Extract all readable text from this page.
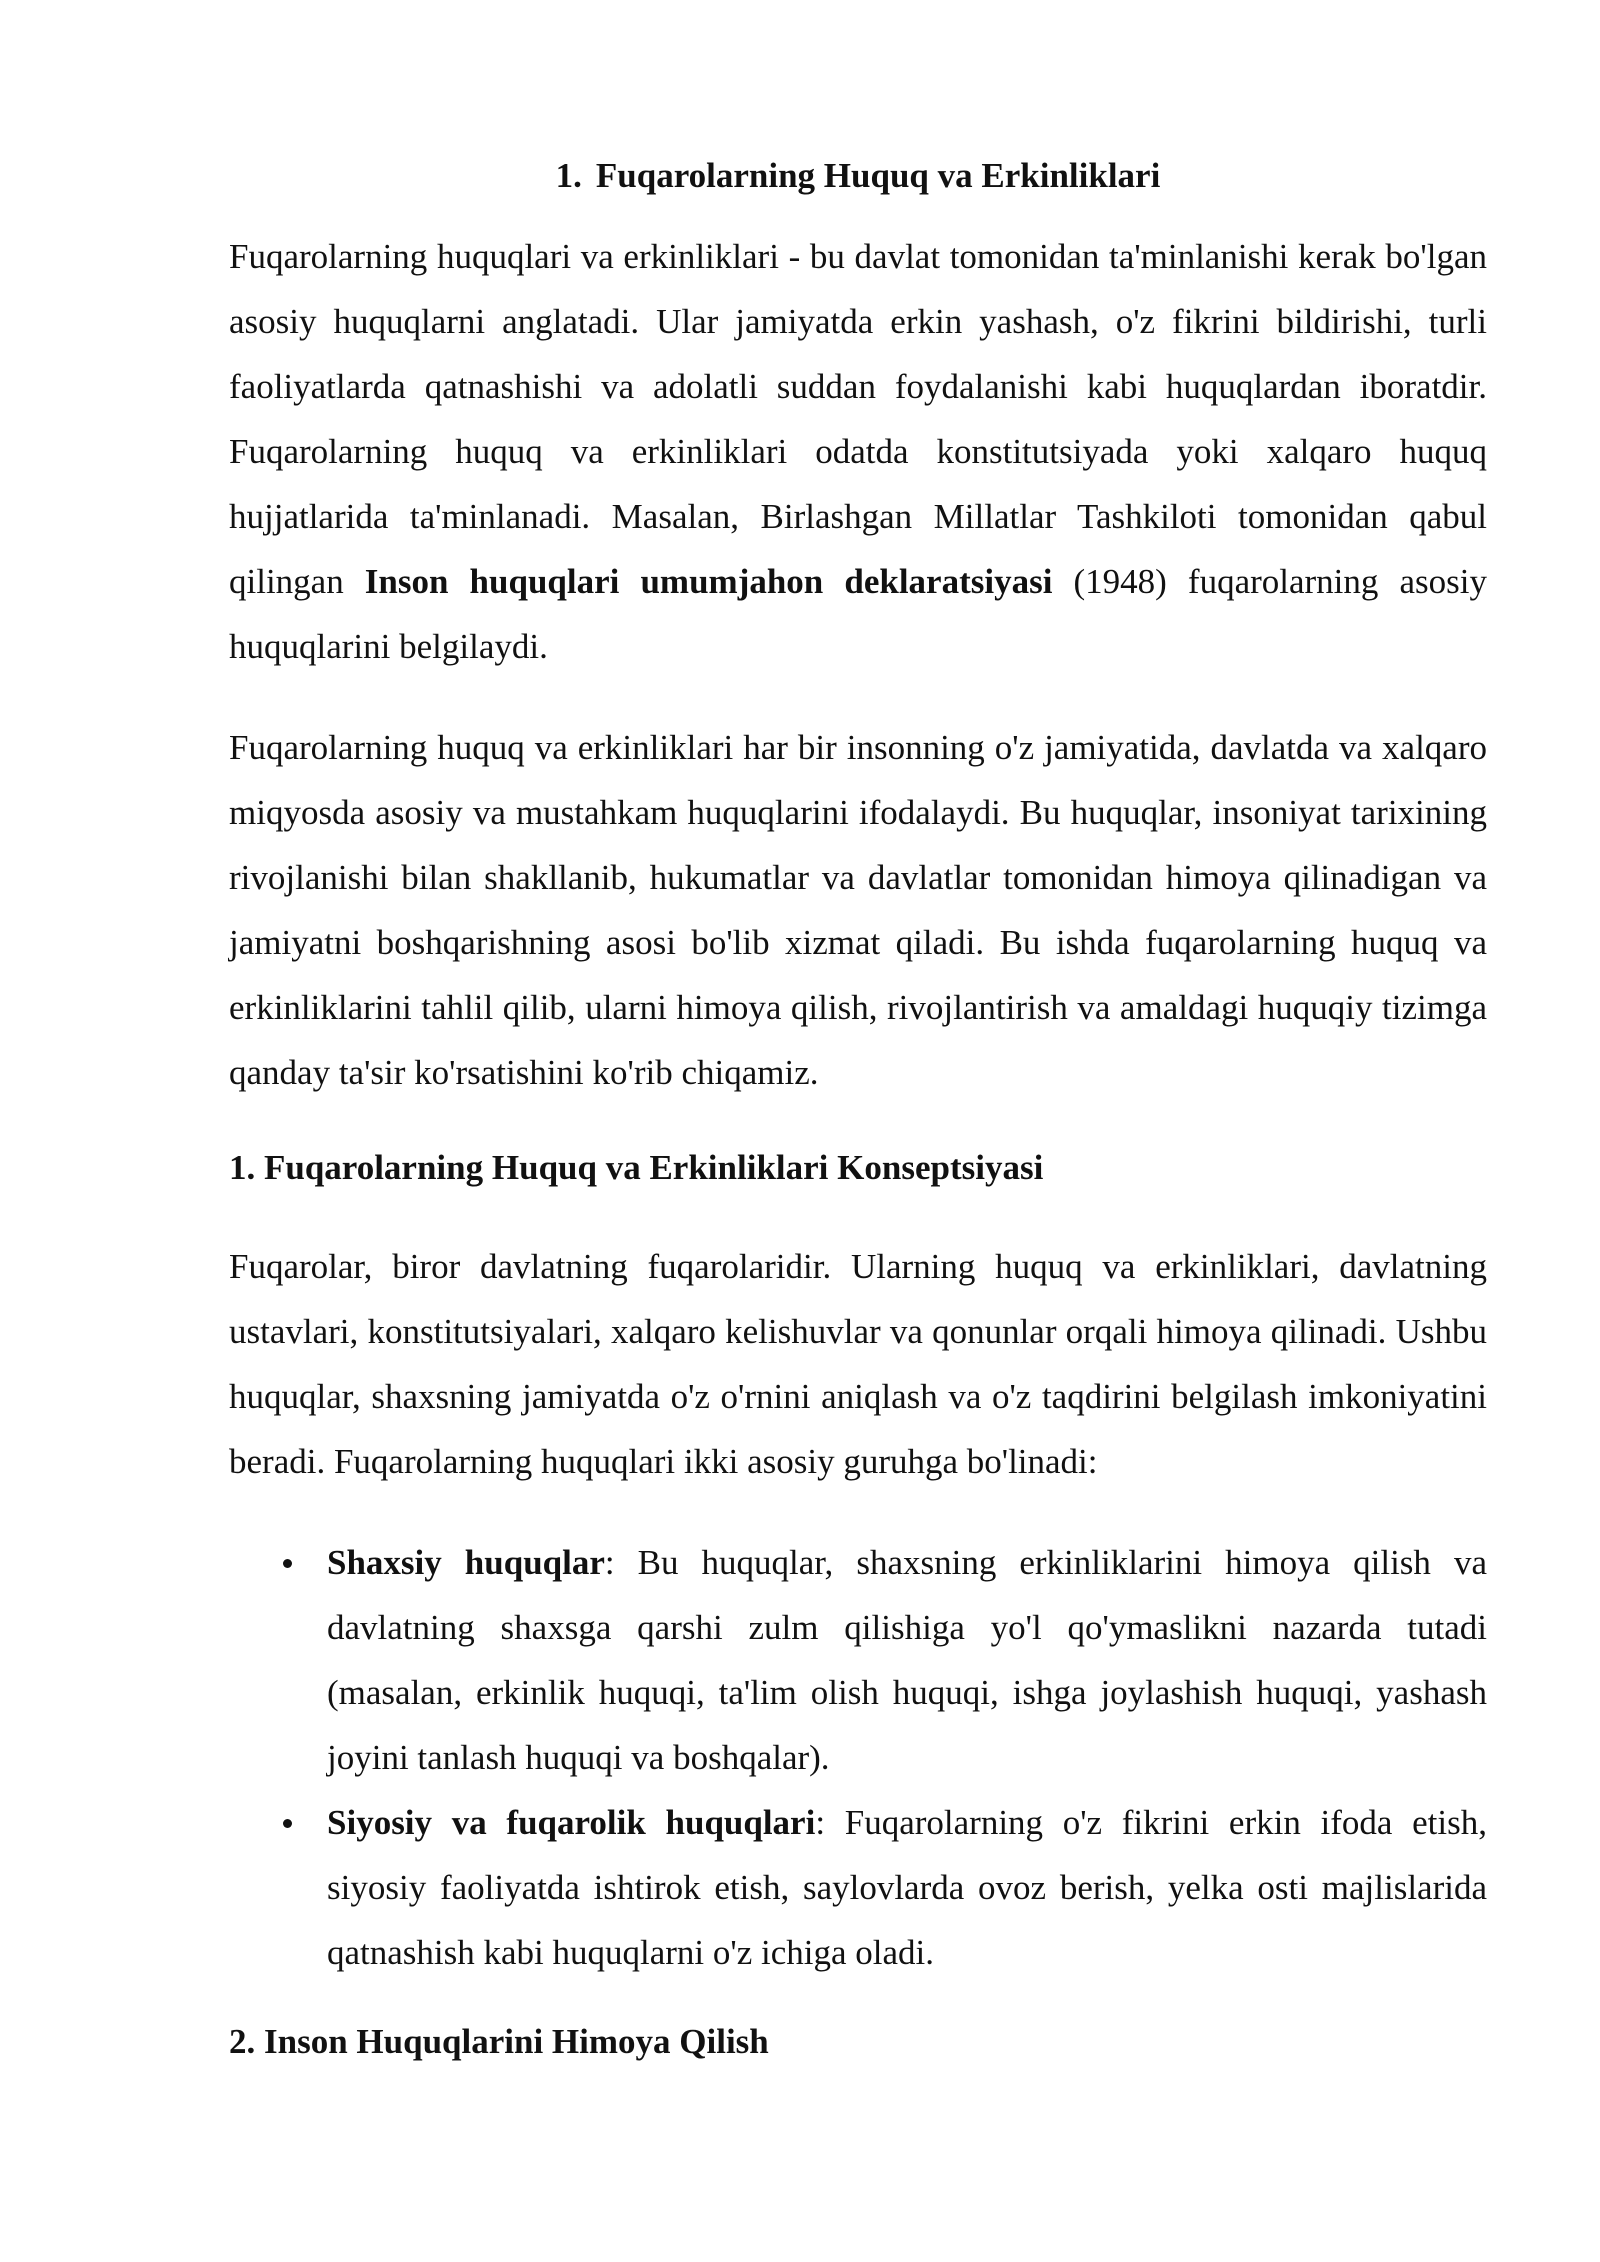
1. Fuqarolarning Huquq va Erkinliklari

Fuqarolarning huquqlari va erkinliklari - bu davlat tomonidan ta'minlanishi kerak bo'lgan asosiy huquqlarni anglatadi. Ular jamiyatda erkin yashash, o'z fikrini bildirishi, turli faoliyatlarda qatnashishi va adolatli suddan foydalanishi kabi huquqlardan iboratdir. Fuqarolarning huquq va erkinliklari odatda konstitutsiyada yoki xalqaro huquq hujjatlarida ta'minlanadi. Masalan, Birlashgan Millatlar Tashkiloti tomonidan qabul qilingan Inson huquqlari umumjahon deklaratsiyasi (1948) fuqarolarning asosiy huquqlarini belgilaydi.

Fuqarolarning huquq va erkinliklari har bir insonning o'z jamiyatida, davlatda va xalqaro miqyosda asosiy va mustahkam huquqlarini ifodalaydi. Bu huquqlar, insoniyat tarixining rivojlanishi bilan shakllanib, hukumatlar va davlatlar tomonidan himoya qilinadigan va jamiyatni boshqarishning asosi bo'lib xizmat qiladi. Bu ishda fuqarolarning huquq va erkinliklarini tahlil qilib, ularni himoya qilish, rivojlantirish va amaldagi huquqiy tizimga qanday ta'sir ko'rsatishini ko'rib chiqamiz.

1. Fuqarolarning Huquq va Erkinliklari Konseptsiyasi

Fuqarolar, biror davlatning fuqarolaridir. Ularning huquq va erkinliklari, davlatning ustavlari, konstitutsiyalari, xalqaro kelishuvlar va qonunlar orqali himoya qilinadi. Ushbu huquqlar, shaxsning jamiyatda o'z o'rnini aniqlash va o'z taqdirini belgilash imkoniyatini beradi. Fuqarolarning huquqlari ikki asosiy guruhga bo'linadi:

Shaxsiy huquqlar: Bu huquqlar, shaxsning erkinliklarini himoya qilish va davlatning shaxsga qarshi zulm qilishiga yo'l qo'ymaslikni nazarda tutadi (masalan, erkinlik huquqi, ta'lim olish huquqi, ishga joylashish huquqi, yashash joyini tanlash huquqi va boshqalar).
Siyosiy va fuqarolik huquqlari: Fuqarolarning o'z fikrini erkin ifoda etish, siyosiy faoliyatda ishtirok etish, saylovlarda ovoz berish, yelka osti majlislarida qatnashish kabi huquqlarni o'z ichiga oladi.
2. Inson Huquqlarini Himoya Qilish
